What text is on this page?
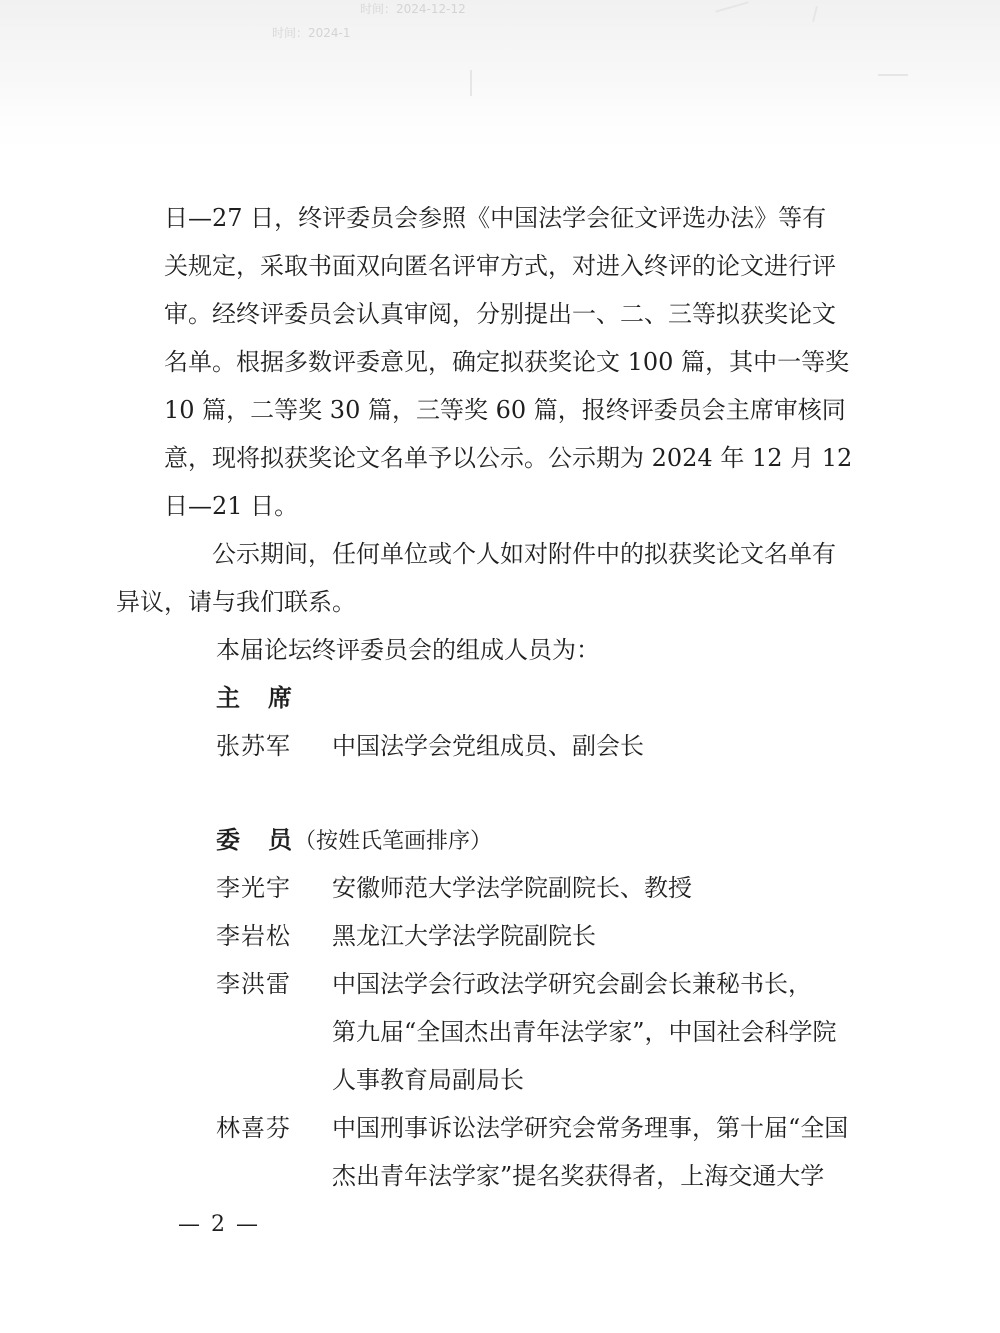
时间：2024-12-12
时间：2024-1
日—27 日，终评委员会参照《中国法学会征文评选办法》等有
关规定，采取书面双向匿名评审方式，对进入终评的论文进行评
审。经终评委员会认真审阅，分别提出一、二、三等拟获奖论文
名单。根据多数评委意见，确定拟获奖论文 100 篇，其中一等奖
10 篇，二等奖 30 篇，三等奖 60 篇，报终评委员会主席审核同
意，现将拟获奖论文名单予以公示。公示期为 2024 年 12 月 12
日—21 日。
公示期间，任何单位或个人如对附件中的拟获奖论文名单有
异议，请与我们联系。
本届论坛终评委员会的组成人员为：
主　席
张苏军	中国法学会党组成员、副会长
委　员（按姓氏笔画排序）
李光宇	安徽师范大学法学院副院长、教授
李岩松	黑龙江大学法学院副院长
李洪雷	中国法学会行政法学研究会副会长兼秘书长，
第九届“全国杰出青年法学家”，中国社会科学院
人事教育局副局长
林喜芬	中国刑事诉讼法学研究会常务理事，第十届“全国
杰出青年法学家”提名奖获得者，上海交通大学
— 2 —
